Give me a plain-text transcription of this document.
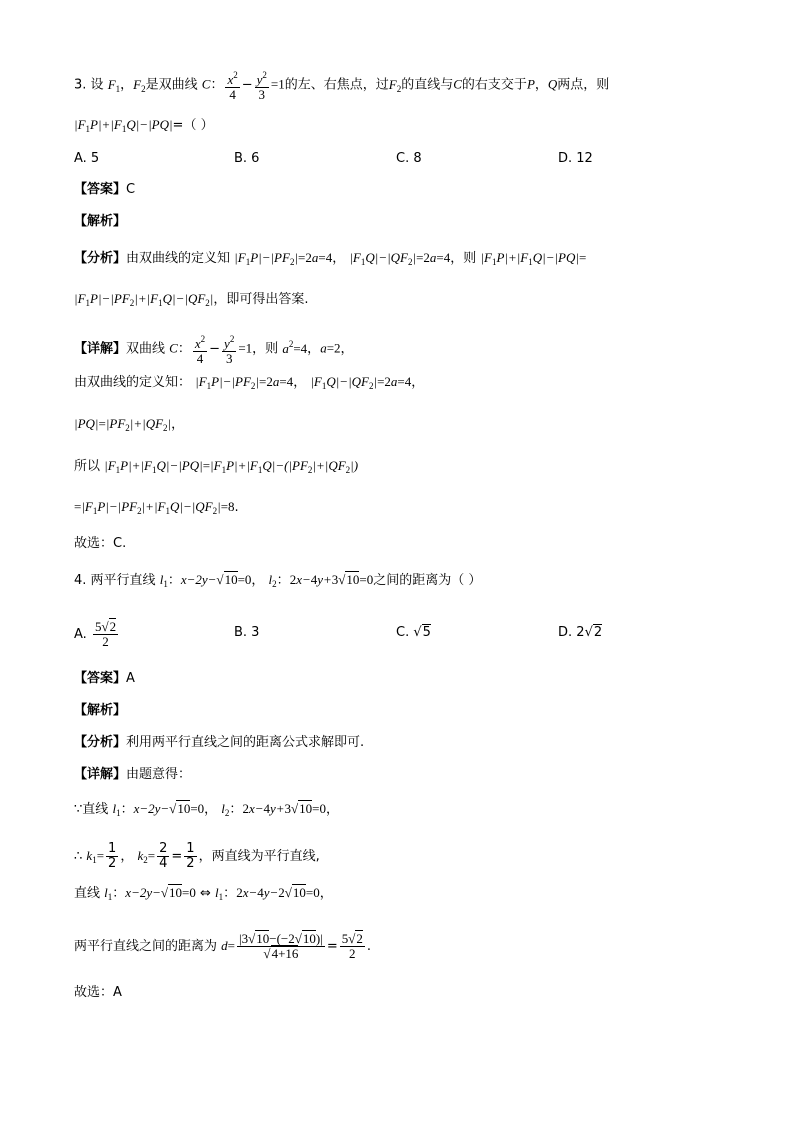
3. 设 $F_1$，$F_2$是双曲线 C： $\frac{x^2}{4} - \frac{y^2}{3} =1$的左、右焦点，过$F_2$的直线与C的右支交于P，Q两点，则
$|F_1P|+|F_1Q|-|PQ|=$（ ）
A. 5	B. 6	C. 8	D. 12
【答案】C
【解析】
【分析】由双曲线的定义知 $|F_1P|-|PF_2|=2a=4$， $|F_1Q|-|QF_2|=2a=4$，则 $|F_1P|+|F_1Q|-|PQ|=$
$|F_1P|-|PF_2|+|F_1Q|-|QF_2|$，即可得出答案.
【详解】双曲线 C： $\frac{x^2}{4} - \frac{y^2}{3} =1$，则 $a^2=4$，a=2，
由双曲线的定义知： $|F_1P|-|PF_2|=2a=4$， $|F_1Q|-|QF_2|=2a=4$，
$|PQ|=|PF_2|+|QF_2|$，
所以 $|F_1P|+|F_1Q|-|PQ|=|F_1P|+|F_1Q|-(|PF_2|+|QF_2|)$
$=|F_1P|-|PF_2|+|F_1Q|-|QF_2|=8$.
故选：C.
4. 两平行直线 $l_1$：x−2y−√10=0， $l_2$：2x−4y+3√10=0之间的距离为（ ）
A. $\frac{5√2}{2}$	B. 3	C. √5	D. 2√2
【答案】A
【解析】
【分析】利用两平行直线之间的距离公式求解即可.
【详解】由题意得：
∵直线 $l_1$：x−2y−√10=0， $l_2$：2x−4y+3√10=0，
∴ $k_1= \frac{1}{2}$ ， $k_2= \frac{2}{4} = \frac{1}{2}$ ，两直线为平行直线,
直线 $l_1$：x−2y−√10=0 ⇔ $l_1$：2x−4y−2√10=0，
两平行直线之间的距离为 $d= \frac{|3√10-(-2√10)|}{√4+16} = \frac{5√2}{2}$ .
故选：A
